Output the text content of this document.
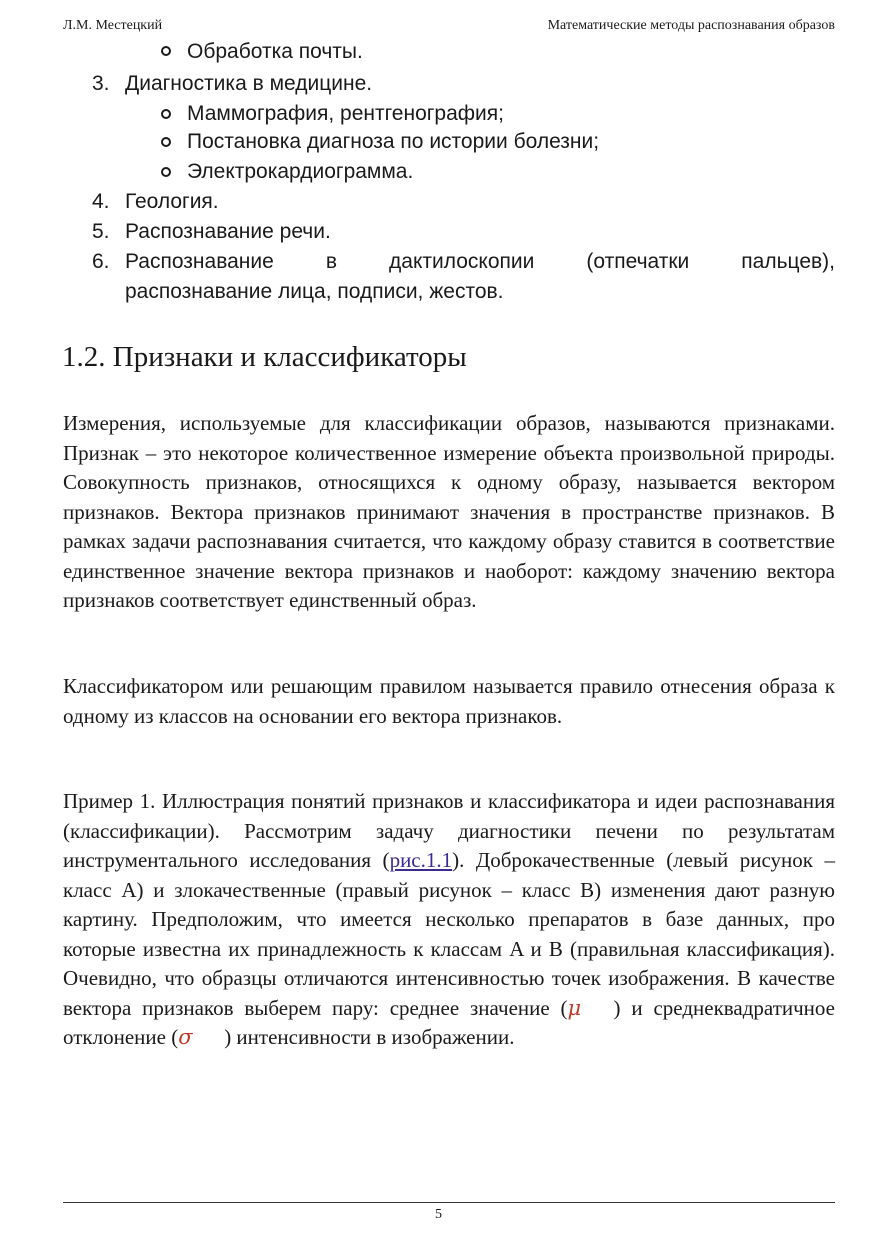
Л.М. Местецкий	Математические методы распознавания образов
Обработка почты.
3. Диагностика в медицине.
Маммография, рентгенография;
Постановка диагноза по истории болезни;
Электрокардиограмма.
4. Геология.
5. Распознавание речи.
6. Распознавание в дактилоскопии (отпечатки пальцев),
распознавание лица, подписи, жестов.
1.2. Признаки и классификаторы
Измерения, используемые для классификации образов, называются признаками. Признак – это некоторое количественное измерение объекта произвольной природы. Совокупность признаков, относящихся к одному образу, называется вектором признаков. Вектора признаков принимают значения в пространстве признаков. В рамках задачи распознавания считается, что каждому образу ставится в соответствие единственное значение вектора признаков и наоборот: каждому значению вектора признаков соответствует единственный образ.
Классификатором или решающим правилом называется правило отнесения образа к одному из классов на основании его вектора признаков.
Пример 1. Иллюстрация понятий признаков и классификатора и идеи распознавания (классификации). Рассмотрим задачу диагностики печени по результатам инструментального исследования (рис.1.1). Доброкачественные (левый рисунок – класс A) и злокачественные (правый рисунок – класс B) изменения дают разную картину. Предположим, что имеется несколько препаратов в базе данных, про которые известна их принадлежность к классам A и B (правильная классификация). Очевидно, что образцы отличаются интенсивностью точек изображения. В качестве вектора признаков выберем пару: среднее значение (μ ) и среднеквадратичное отклонение (σ ) интенсивности в изображении.
5
